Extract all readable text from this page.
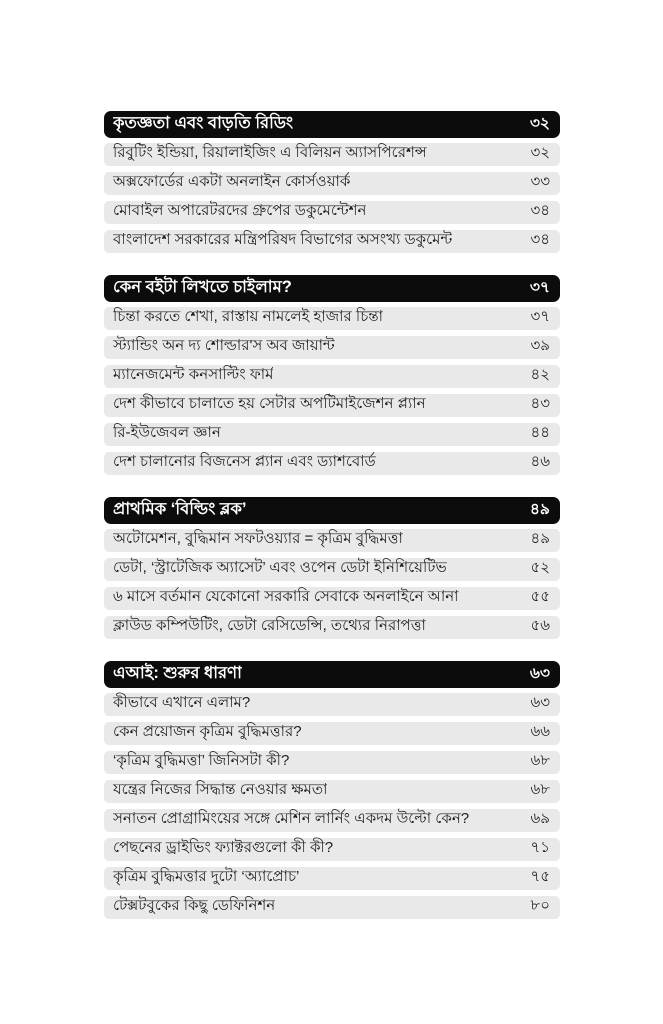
কৃতজ্ঞতা এবং বাড়তি রিডিং	৩২
রিবুটিং ইন্ডিয়া, রিয়ালাইজিং এ বিলিয়ন অ্যাসপিরেশন্স	৩২
অক্সফোর্ডের একটা অনলাইন কোর্সওয়ার্ক	৩৩
মোবাইল অপারেটরদের গ্রুপের ডকুমেন্টেশন	৩৪
বাংলাদেশ সরকারের মন্ত্রিপরিষদ বিভাগের অসংখ্য ডকুমেন্ট	৩৪
কেন বইটা লিখতে চাইলাম?	৩৭
চিন্তা করতে শেখা, রাস্তায় নামলেই হাজার চিন্তা	৩৭
স্ট্যান্ডিং অন দ্য শোল্ডার'স অব জায়ান্ট	৩৯
ম্যানেজমেন্ট কনসাল্টিং ফার্ম	৪২
দেশ কীভাবে চালাতে হয় সেটার অপটিমাইজেশন প্ল্যান	৪৩
রি-ইউজেবল জ্ঞান	৪৪
দেশ চালানোর বিজনেস প্ল্যান এবং ড্যাশবোর্ড	৪৬
প্রাথমিক ‘বিল্ডিং ব্লক’	৪৯
অটোমেশন, বুদ্ধিমান সফটওয়্যার = কৃত্রিম বুদ্ধিমত্তা	৪৯
ডেটা, ‘স্ট্রাটেজিক অ্যাসেট’ এবং ওপেন ডেটা ইনিশিয়েটিভ	৫২
৬ মাসে বর্তমান যেকোনো সরকারি সেবাকে অনলাইনে আনা	৫৫
ক্লাউড কম্পিউটিং, ডেটা রেসিডেন্সি, তথ্যের নিরাপত্তা	৫৬
এআই: শুরুর ধারণা	৬৩
কীভাবে এখানে এলাম?	৬৩
কেন প্রয়োজন কৃত্রিম বুদ্ধিমত্তার?	৬৬
‘কৃত্রিম বুদ্ধিমত্তা’ জিনিসটা কী?	৬৮
যন্ত্রের নিজের সিদ্ধান্ত নেওয়ার ক্ষমতা	৬৮
সনাতন প্রোগ্রামিংয়ের সঙ্গে মেশিন লার্নিং একদম উল্টো কেন?	৬৯
পেছনের ড্রাইভিং ফ্যাক্টরগুলো কী কী?	৭১
কৃত্রিম বুদ্ধিমত্তার দুটো ‘অ্যাপ্রোচ’	৭৫
টেক্সটবুকের কিছু ডেফিনিশন	৮০
